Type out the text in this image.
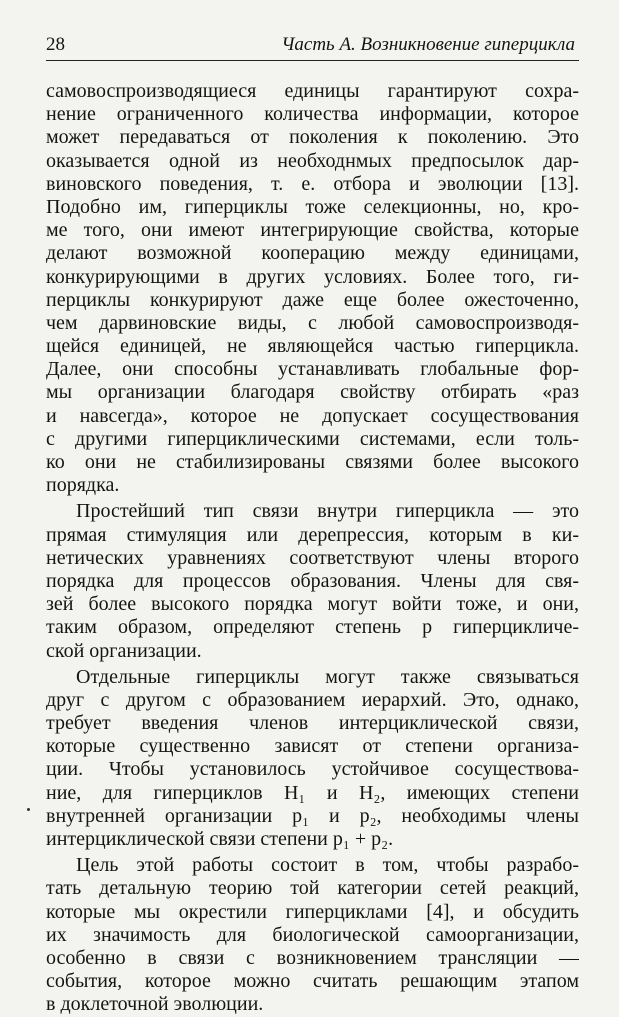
28	Часть А. Возникновение гиперцикла
самовоспроизводящиеся единицы гарантируют сохра-
нение ограниченного количества информации, которое
может передаваться от поколения к поколению. Это
оказывается одной из необходнмых предпосылок дар-
виновского поведения, т. е. отбора и эволюции [13].
Подобно им, гиперциклы тоже селекционны, но, кро-
ме того, они имеют интегрирующие свойства, которые
делают возможной кооперацию между единицами,
конкурирующими в других условиях. Более того, ги-
перциклы конкурируют даже еще более ожесточенно,
чем дарвиновские виды, с любой самовоспроизводя-
щейся единицей, не являющейся частью гиперцикла.
Далее, они способны устанавливать глобальные фор-
мы организации благодаря свойству отбирать «раз
и навсегда», которое не допускает сосуществования
с другими гиперциклическими системами, если толь-
ко они не стабилизированы связями более высокого
порядка.
Простейший тип связи внутри гиперцикла — это
прямая стимуляция или дерепрессия, которым в ки-
нетических уравнениях соответствуют члены второго
порядка для процессов образования. Члены для свя-
зей более высокого порядка могут войти тоже, и они,
таким образом, определяют степень p гиперцикличе-
ской организации.
Отдельные гиперциклы могут также связываться
друг с другом с образованием иерархий. Это, однако,
требует введения членов интерциклической связи,
которые существенно зависят от степени организа-
ции. Чтобы установилось устойчивое сосуществова-
ние, для гиперциклов H₁ и H₂, имеющих степени
внутренней организации p₁ и p₂, необходимы члены
интерциклической связи степени p₁ + p₂.
Цель этой работы состоит в том, чтобы разрабо-
тать детальную теорию той категории сетей реакций,
которые мы окрестили гиперциклами [4], и обсудить
их значимость для биологической самоорганизации,
особенно в связи с возникновением трансляции —
события, которое можно считать решающим этапом
в доклеточной эволюции.
